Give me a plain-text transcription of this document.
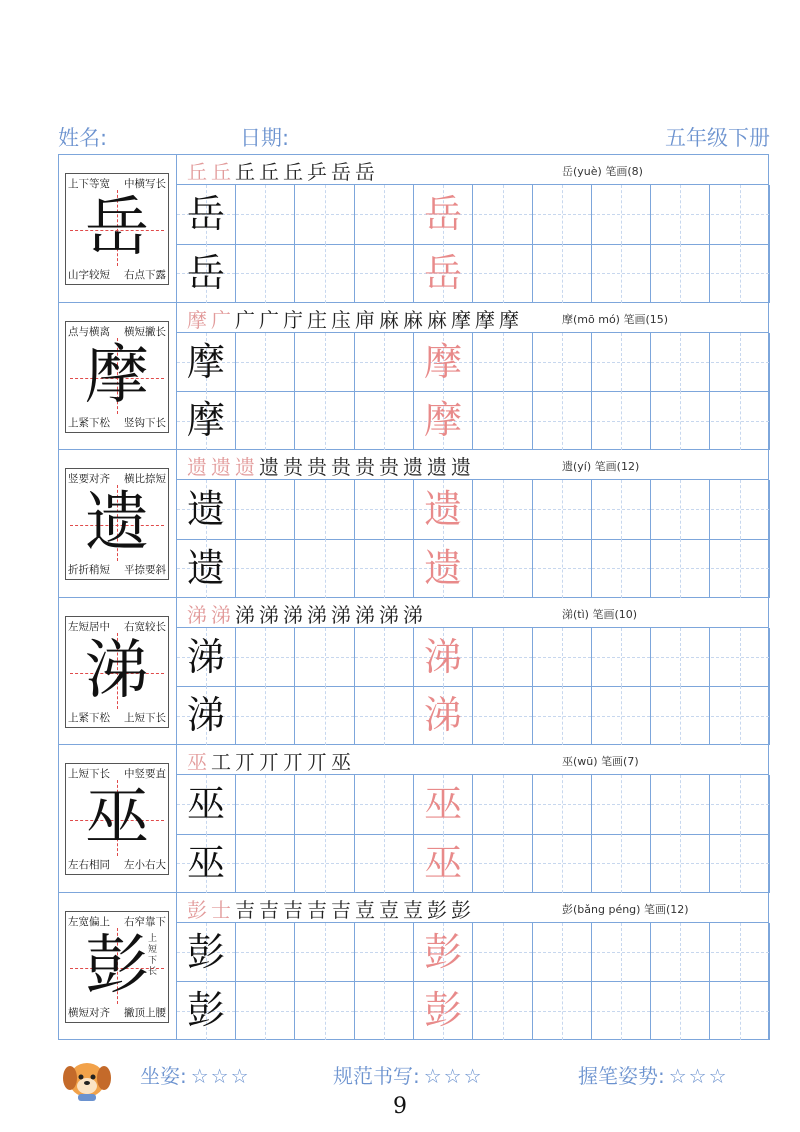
姓名:	日期:	五年级下册
上下等宽 中横写长
山字较短 右点下露
岳
丘丘丘丘丘乒岳岳	岳(yuè) 笔画(8)
岳	岳
岳	岳
点与横离 横短撇长
上紧下松 竖钩下长
摩
摩广广广庁庄庒庘麻麻麻摩摩摩	摩(mō mó) 笔画(15)
摩	摩
摩	摩
竖要对齐 横比捺短
折折稍短 平捺要斜
遗
遗遗遗遗贵贵贵贵贵遗遗遗	遗(yí) 笔画(12)
遗	遗
遗	遗
左短居中 右宽较长
上紧下松 上短下长
涕
涕涕涕涕涕涕涕涕涕涕	涕(tì) 笔画(10)
涕	涕
涕	涕
上短下长 中竖要直
左右相同 左小右大
巫
巫工丌丌丌丌巫	巫(wū) 笔画(7)
巫	巫
巫	巫
左宽偏上 右窄靠下
横短对齐 撇顶上腰
彭 上短下长
彭士吉吉吉吉吉壴壴壴彭彭	彭(bǎng péng) 笔画(12)
彭	彭
彭	彭
坐姿: ☆☆☆	规范书写: ☆☆☆	握笔姿势: ☆☆☆
9
